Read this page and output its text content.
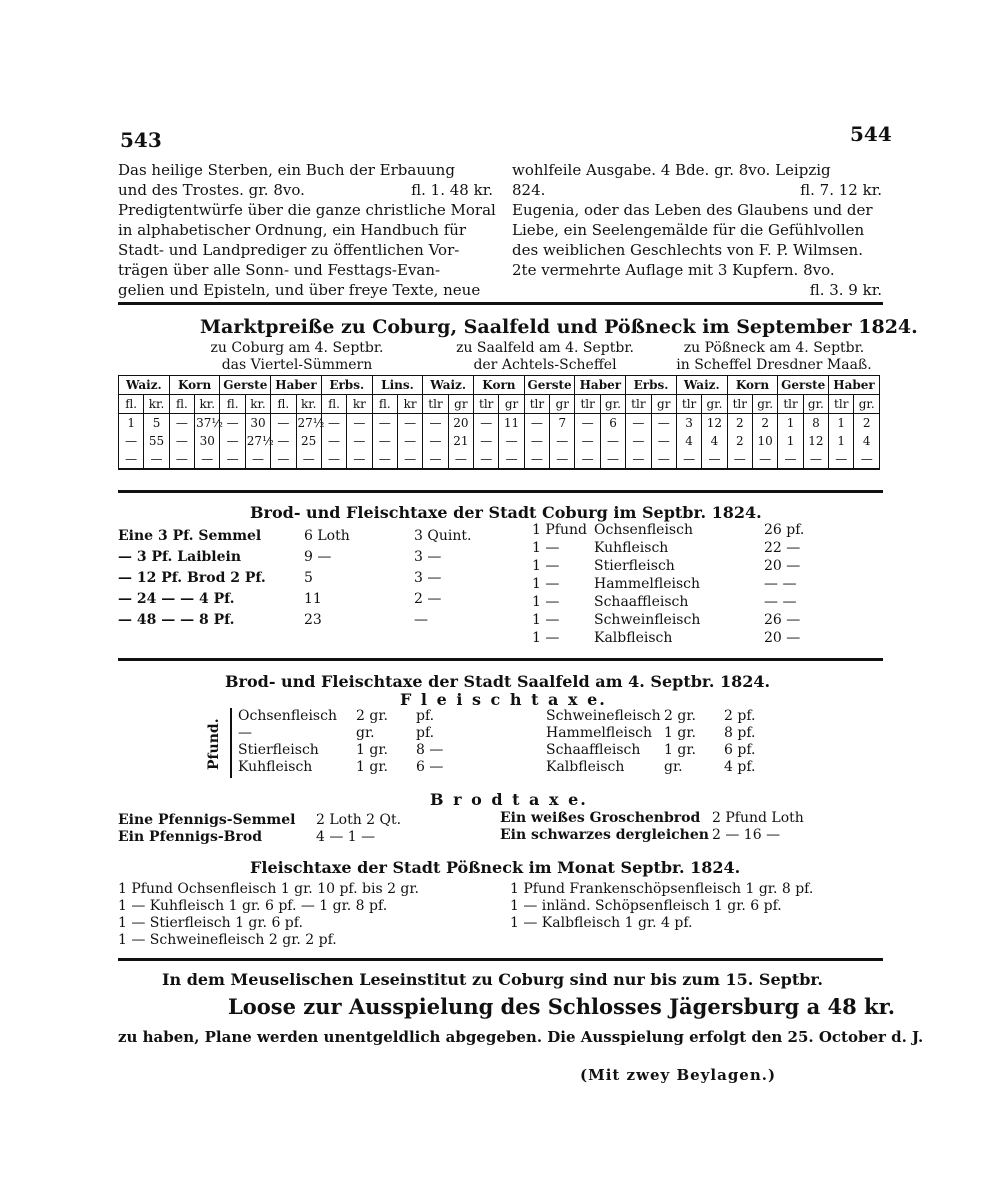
543	544
Das heilige Sterben, ein Buch der Erbauung
und des Trostes. gr. 8vo.	fl. 1. 48 kr.
Predigtentwürfe über die ganze christliche Moral
in alphabetischer Ordnung, ein Handbuch für
Stadt- und Landprediger zu öffentlichen Vor-
trägen über alle Sonn- und Festtags-Evan-
gelien und Episteln, und über freye Texte, neue
wohlfeile Ausgabe. 4 Bde. gr. 8vo. Leipzig
824.	fl. 7. 12 kr.
Eugenia, oder das Leben des Glaubens und der
Liebe, ein Seelengemälde für die Gefühlvollen
des weiblichen Geschlechts von F. P. Wilmsen.
2te vermehrte Auflage mit 3 Kupfern. 8vo.
fl. 3. 9 kr.
Marktpreiße zu Coburg, Saalfeld und Pößneck im September 1824.
zu Coburg am 4. Septbr.
das Viertel-Sümmern
zu Saalfeld am 4. Septbr.
der Achtels-Scheffel
zu Pößneck am 4. Septbr.
in Scheffel Dresdner Maaß.
Waiz.		Korn		Gerste		Haber		Erbs.		Lins.		Waiz.		Korn		Gerste		Haber		Erbs.		Waiz.		Korn		Gerste		Haber	
fl.	kr.	fl.	kr.	fl.	kr.	fl.	kr.	fl.	kr	fl.	kr	tlr	gr	tlr	gr	tlr	gr	tlr	gr.	tlr	gr	tlr	gr.	tlr	gr.	tlr	gr.	tlr	gr.
1	5	—	37½	—	30	—	27½	—	—	—	—	—	20	—	11	—	7	—	6	—	—	3	12	2	2	1	8	1	2
—	55	—	30	—	27½	—	25	—	—	—	—	—	21	—	—	—	—	—	—	—	—	4	4	2	10	1	12	1	4
—	—	—	—	—	—	—	—	—	—	—	—	—	—	—	—	—	—	—	—	—	—	—	—	—	—	—	—	—	—
Brod- und Fleischtaxe der Stadt Coburg im Septbr. 1824.
Eine 3 Pf. Semmel	6 Loth	3 Quint.
— 3 Pf. Laiblein	9 —	3 —
— 12 Pf. Brod 2 Pf.	5	3 —
— 24 — — 4 Pf.	11	2 —
— 48 — — 8 Pf.	23	—
1 Pfund Ochsenfleisch	26 pf.
1 — Kuhfleisch	22 —
1 — Stierfleisch	20 —
1 — Hammelfleisch	— —
1 — Schaaffleisch	— —
1 — Schweinfleisch	26 —
1 — Kalbfleisch	20 —
Brod- und Fleischtaxe der Stadt Saalfeld am 4. Septbr. 1824.
F l e i s c h t a x e.
Pfund.
Ochsenfleisch 2 gr. pf.
—	gr.	pf.
Stierfleisch	1 gr. 8 —
Kuhfleisch	1 gr. 6 —
Schweinefleisch 2 gr. 2 pf.
Hammelfleisch 1 gr. 8 pf.
Schaaffleisch 1 gr. 6 pf.
Kalbfleisch	gr.	4 pf.
B r o d t a x e.
Eine Pfennigs-Semmel 2 Loth 2 Qt.
Ein Pfennigs-Brod	4 — 1 —
Ein weißes Groschenbrod 2 Pfund Loth
Ein schwarzes dergleichen 2 — 16 —
Fleischtaxe der Stadt Pößneck im Monat Septbr. 1824.
1 Pfund Ochsenfleisch 1 gr. 10 pf. bis 2 gr.
1 — Kuhfleisch 1 gr. 6 pf. — 1 gr. 8 pf.
1 — Stierfleisch 1 gr. 6 pf.
1 — Schweinefleisch 2 gr. 2 pf.
1 Pfund Frankenschöpsenfleisch 1 gr. 8 pf.
1 — inländ. Schöpsenfleisch 1 gr. 6 pf.
1 — Kalbfleisch 1 gr. 4 pf.
In dem Meuselischen Leseinstitut zu Coburg sind nur bis zum 15. Septbr.
Loose zur Ausspielung des Schlosses Jägersburg a 48 kr.
zu haben, Plane werden unentgeldlich abgegeben. Die Ausspielung erfolgt den 25. October d. J.
(Mit zwey Beylagen.)
